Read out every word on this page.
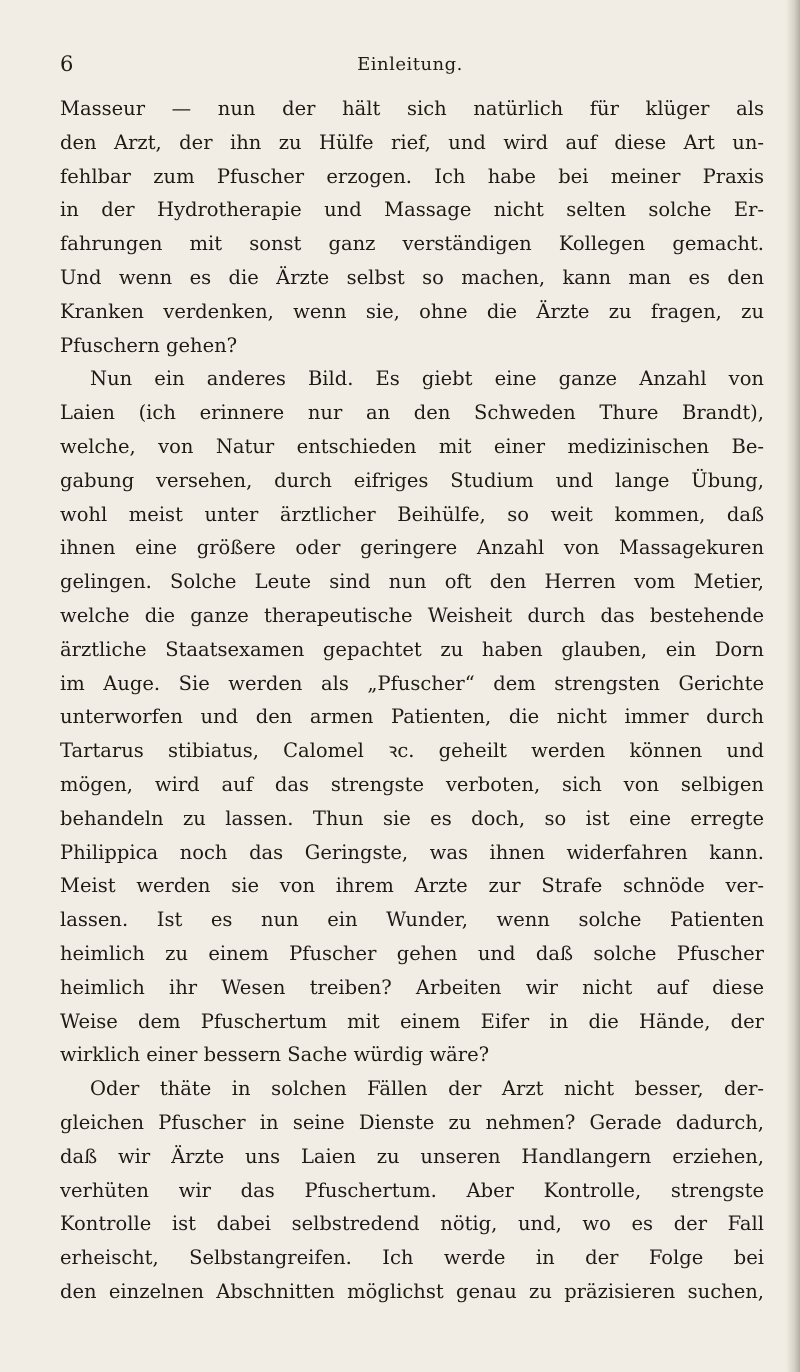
6	Einleitung.

Masseur — nun der hält sich natürlich für klüger als

den Arzt, der ihn zu Hülfe rief, und wird auf diese Art un-

fehlbar zum Pfuscher erzogen. Ich habe bei meiner Praxis

in der Hydrotherapie und Massage nicht selten solche Er-

fahrungen mit sonst ganz verständigen Kollegen gemacht.

Und wenn es die Ärzte selbst so machen, kann man es den

Kranken verdenken, wenn sie, ohne die Ärzte zu fragen, zu

Pfuschern gehen?

Nun ein anderes Bild. Es giebt eine ganze Anzahl von

Laien (ich erinnere nur an den Schweden Thure Brandt),

welche, von Natur entschieden mit einer medizinischen Be-

gabung versehen, durch eifriges Studium und lange Übung,

wohl meist unter ärztlicher Beihülfe, so weit kommen, daß

ihnen eine größere oder geringere Anzahl von Massagekuren

gelingen. Solche Leute sind nun oft den Herren vom Metier,

welche die ganze therapeutische Weisheit durch das bestehende

ärztliche Staatsexamen gepachtet zu haben glauben, ein Dorn

im Auge. Sie werden als „Pfuscher“ dem strengsten Gerichte

unterworfen und den armen Patienten, die nicht immer durch

Tartarus stibiatus, Calomel ꝛc. geheilt werden können und

mögen, wird auf das strengste verboten, sich von selbigen

behandeln zu lassen. Thun sie es doch, so ist eine erregte

Philippica noch das Geringste, was ihnen widerfahren kann.

Meist werden sie von ihrem Arzte zur Strafe schnöde ver-

lassen. Ist es nun ein Wunder, wenn solche Patienten

heimlich zu einem Pfuscher gehen und daß solche Pfuscher

heimlich ihr Wesen treiben? Arbeiten wir nicht auf diese

Weise dem Pfuschertum mit einem Eifer in die Hände, der

wirklich einer bessern Sache würdig wäre?

Oder thäte in solchen Fällen der Arzt nicht besser, der-

gleichen Pfuscher in seine Dienste zu nehmen? Gerade dadurch,

daß wir Ärzte uns Laien zu unseren Handlangern erziehen,

verhüten wir das Pfuschertum. Aber Kontrolle, strengste

Kontrolle ist dabei selbstredend nötig, und, wo es der Fall

erheischt, Selbstangreifen. Ich werde in der Folge bei

den einzelnen Abschnitten möglichst genau zu präzisieren suchen,
